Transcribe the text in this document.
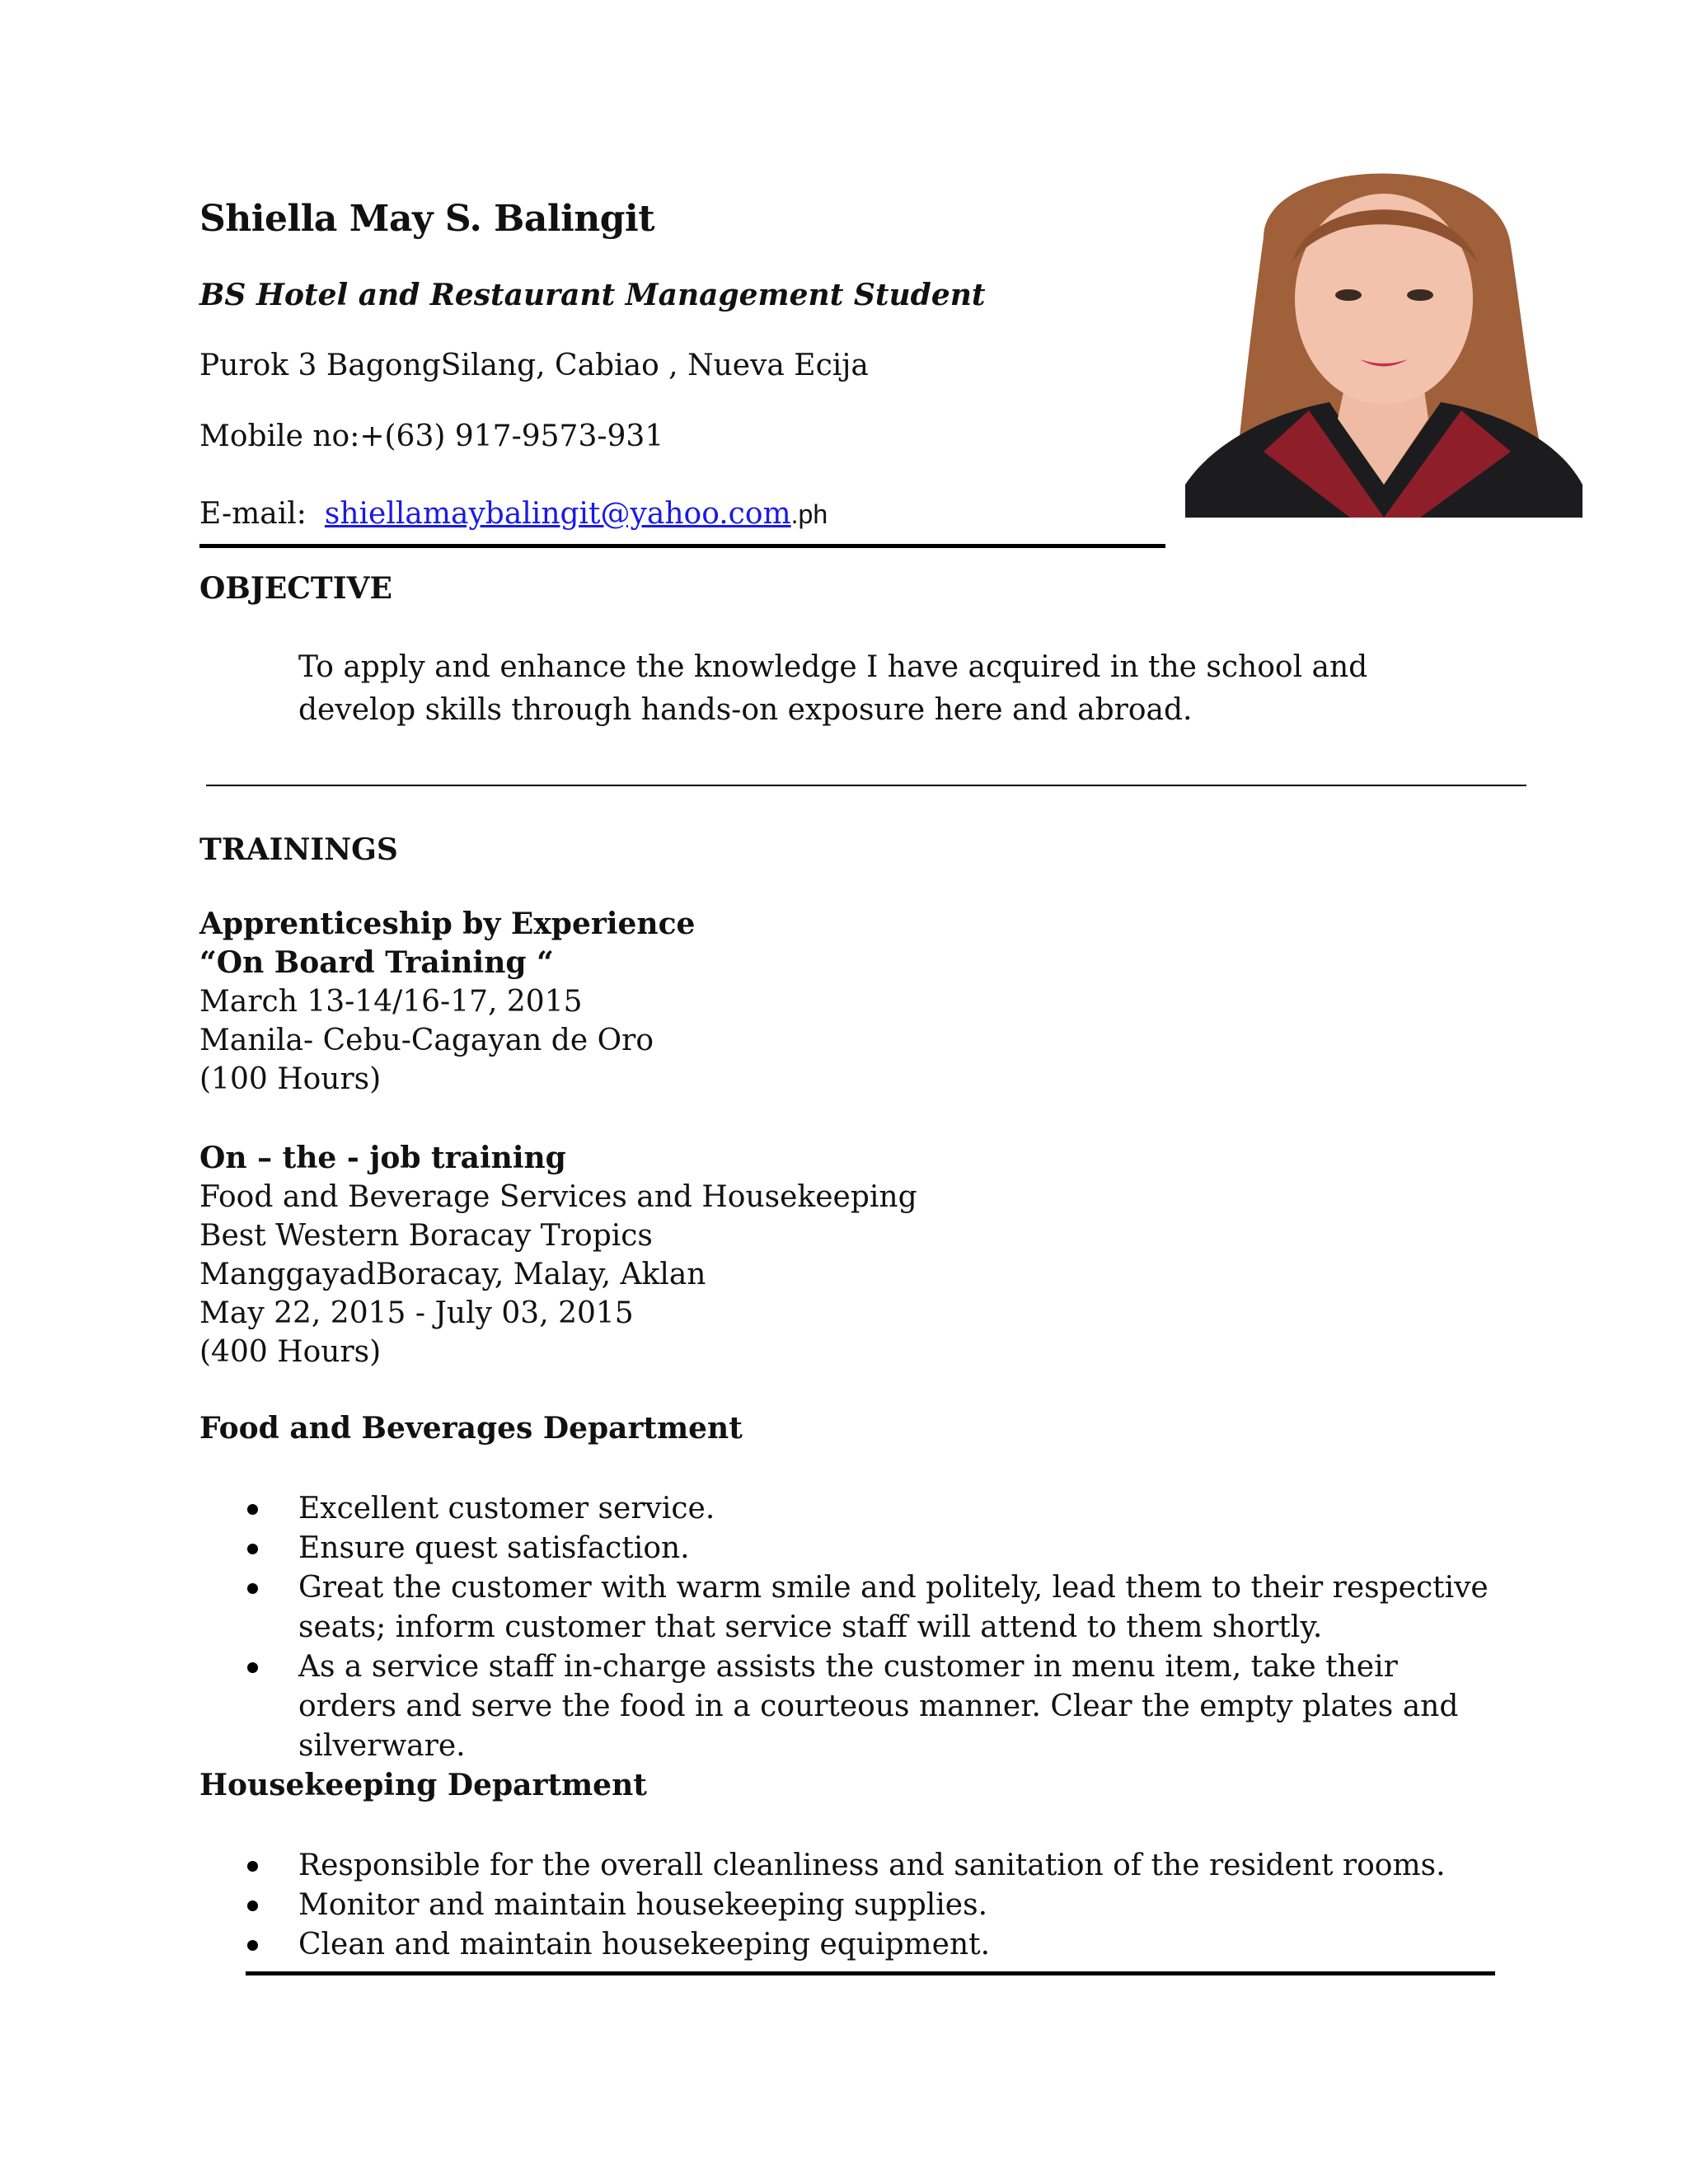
Shiella May S. Balingit
BS Hotel and Restaurant Management Student
Purok 3 BagongSilang, Cabiao , Nueva Ecija
Mobile no:+(63) 917-9573-931
E-mail: shiellamaybalingit@yahoo.com.ph
OBJECTIVE
To apply and enhance the knowledge I have acquired in the school and develop skills through hands-on exposure here and abroad.
TRAININGS
Apprenticeship by Experience
“On Board Training “
March 13-14/16-17, 2015
Manila- Cebu-Cagayan de Oro
(100 Hours)
On – the - job training
Food and Beverage Services and Housekeeping
Best Western Boracay Tropics
ManggayadBoracay, Malay, Aklan
May 22, 2015 - July 03, 2015
(400 Hours)
Food and Beverages Department
Excellent customer service.
Ensure quest satisfaction.
Great the customer with warm smile and politely, lead them to their respective seats; inform customer that service staff will attend to them shortly.
As a service staff in-charge assists the customer in menu item, take their orders and serve the food in a courteous manner. Clear the empty plates and silverware.
Housekeeping Department
Responsible for the overall cleanliness and sanitation of the resident rooms.
Monitor and maintain housekeeping supplies.
Clean and maintain housekeeping equipment.
